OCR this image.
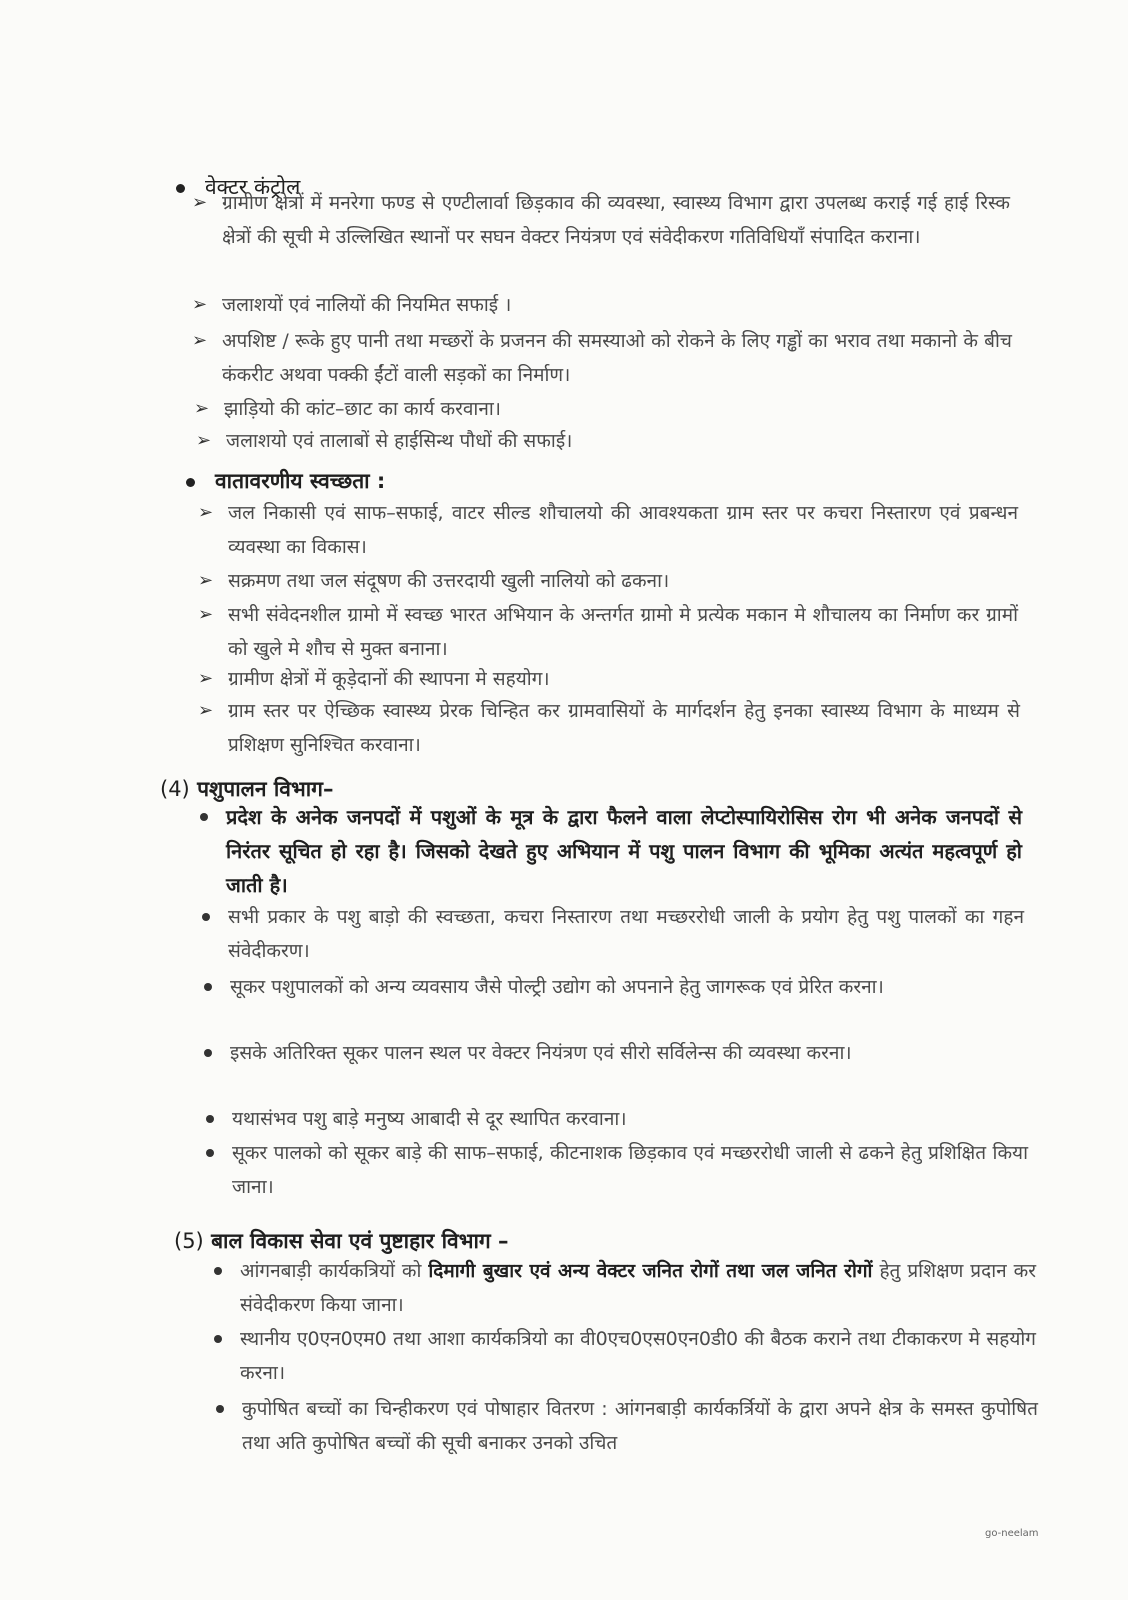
वेक्टर कंट्रोल
➢ ग्रामीण क्षेत्रों में मनरेगा फण्ड से एण्टीलार्वा छिड़काव की व्यवस्था, स्वास्थ्य विभाग द्वारा उपलब्ध कराई गई हाई रिस्क क्षेत्रों की सूची मे उल्लिखित स्थानों पर सघन वेक्टर नियंत्रण एवं संवेदीकरण गतिविधियॉं संपादित कराना।
➢ जलाशयों एवं नालियों की नियमित सफाई ।
➢ अपशिष्ट / रूके हुए पानी तथा मच्छरों के प्रजनन की समस्याओ को रोकने के लिए गड्ढों का भराव तथा मकानो के बीच कंकरीट अथवा पक्की ईंटों वाली सड़कों का निर्माण।
➢ झाड़ियो की कांट–छाट का कार्य करवाना।
➢ जलाशयो एवं तालाबों से हाईसिन्थ पौधों की सफाई।
वातावरणीय स्वच्छता :
➢ जल निकासी एवं साफ–सफाई, वाटर सील्ड शौचालयो की आवश्यकता ग्राम स्तर पर कचरा निस्तारण एवं प्रबन्धन व्यवस्था का विकास।
➢ सक्रमण तथा जल संदूषण की उत्तरदायी खुली नालियो को ढकना।
➢ सभी संवेदनशील ग्रामो में स्वच्छ भारत अभियान के अन्तर्गत ग्रामो मे प्रत्येक मकान मे शौचालय का निर्माण कर ग्रामों को खुले मे शौच से मुक्त बनाना।
➢ ग्रामीण क्षेत्रों में कूड़ेदानों की स्थापना मे सहयोग।
➢ ग्राम स्तर पर ऐच्छिक स्वास्थ्य प्रेरक चिन्हित कर ग्रामवासियों के मार्गदर्शन हेतु इनका स्वास्थ्य विभाग के माध्यम से प्रशिक्षण सुनिश्चित करवाना।
(4) पशुपालन विभाग–
प्रदेश के अनेक जनपदों में पशुओं के मूत्र के द्वारा फैलने वाला लेप्टोस्पायिरोसिस रोग भी अनेक जनपदों से निरंतर सूचित हो रहा है। जिसको देखते हुए अभियान में पशु पालन विभाग की भूमिका अत्यंत महत्वपूर्ण हो जाती है।
सभी प्रकार के पशु बाड़ो की स्वच्छता, कचरा निस्तारण तथा मच्छररोधी जाली के प्रयोग हेतु पशु पालकों का गहन संवेदीकरण।
सूकर पशुपालकों को अन्य व्यवसाय जैसे पोल्ट्री उद्योग को अपनाने हेतु जागरूक एवं प्रेरित करना।
इसके अतिरिक्त सूकर पालन स्थल पर वेक्टर नियंत्रण एवं सीरो सर्विलेन्स की व्यवस्था करना।
यथासंभव पशु बाड़े मनुष्य आबादी से दूर स्थापित करवाना।
सूकर पालको को सूकर बाड़े की साफ–सफाई, कीटनाशक छिड़काव एवं मच्छररोधी जाली से ढकने हेतु प्रशिक्षित किया जाना।
(5) बाल विकास सेवा एवं पुष्टाहार विभाग –
आंगनबाड़ी कार्यकत्रियों को दिमागी बुखार एवं अन्य वेक्टर जनित रोगों तथा जल जनित रोगों हेतु प्रशिक्षण प्रदान कर संवेदीकरण किया जाना।
स्थानीय ए0एन0एम0 तथा आशा कार्यकत्रियो का वी0एच0एस0एन0डी0 की बैठक कराने तथा टीकाकरण मे सहयोग करना।
कुपोषित बच्चों का चिन्हीकरण एवं पोषाहार वितरण : आंगनबाड़ी कार्यकर्त्रियों के द्वारा अपने क्षेत्र के समस्त कुपोषित तथा अति कुपोषित बच्चों की सूची बनाकर उनको उचित
go-neelam
